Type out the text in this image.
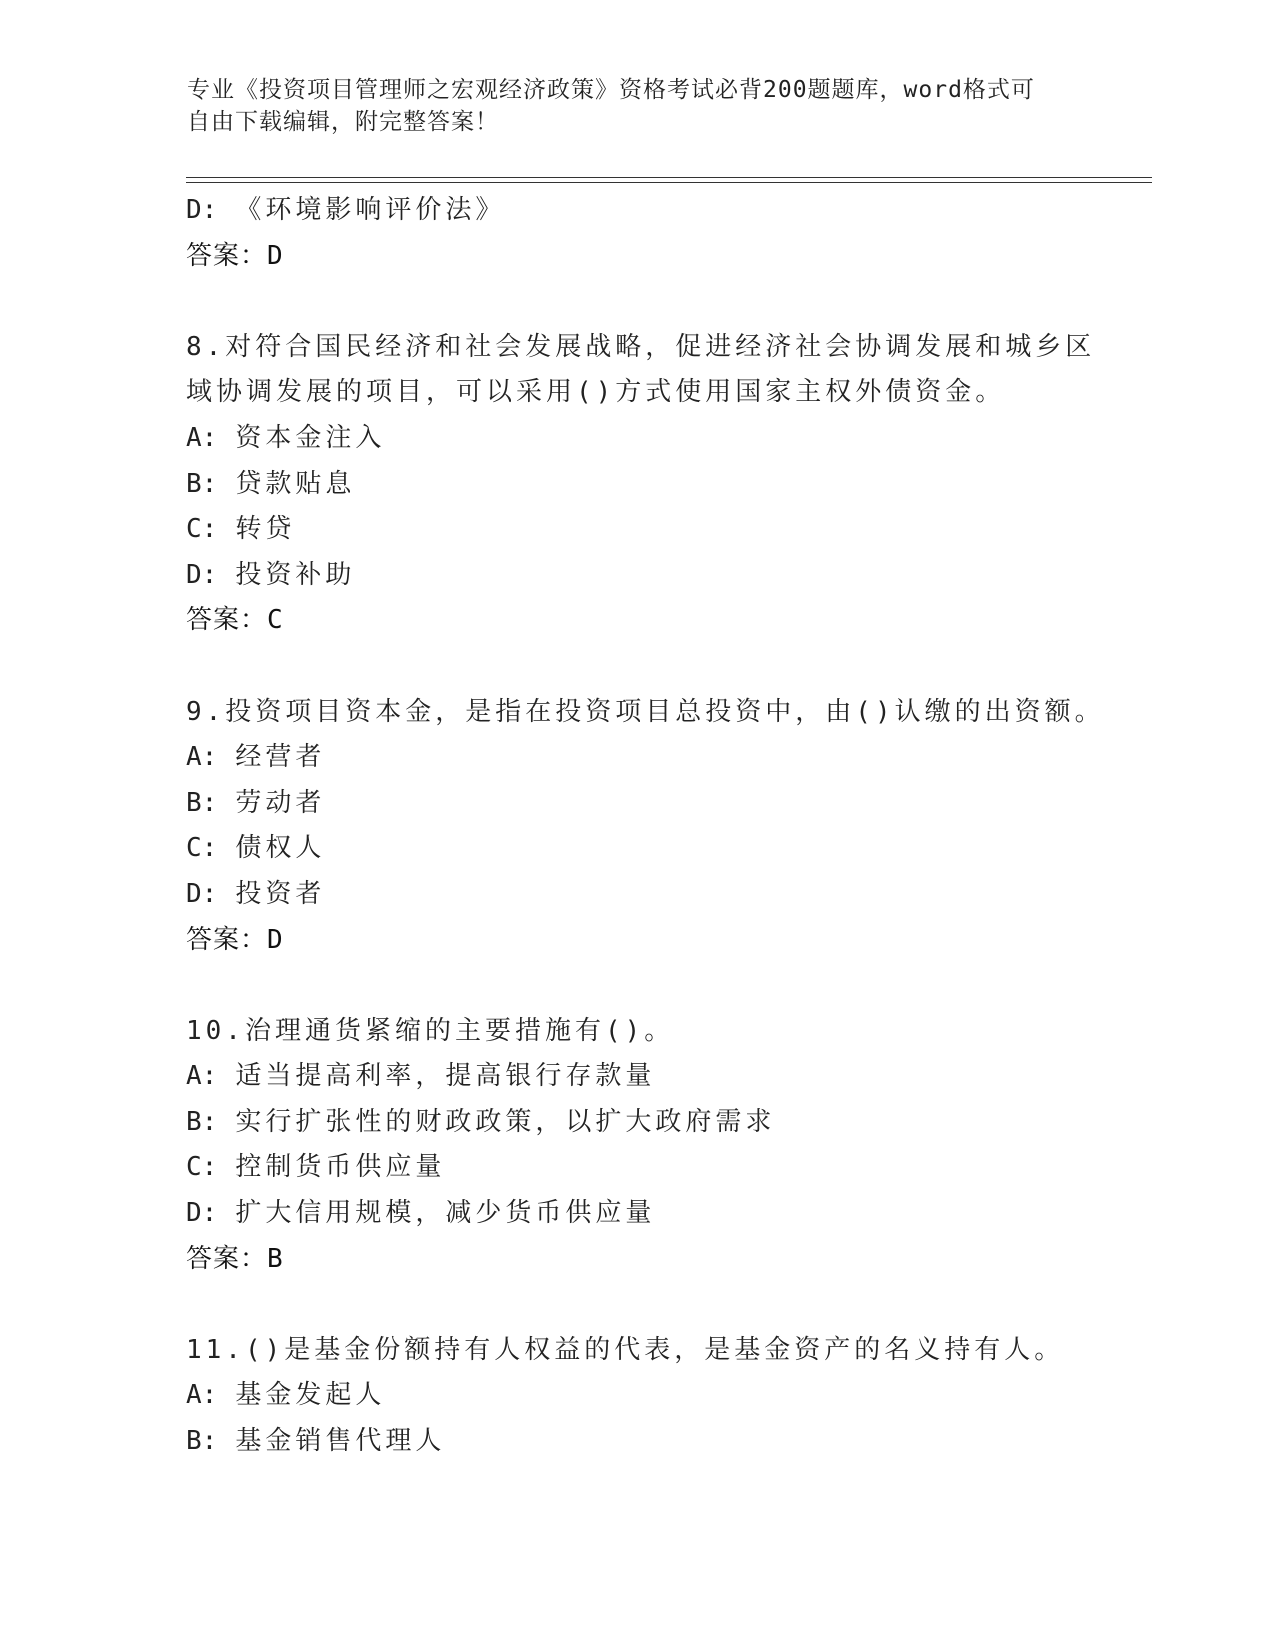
专业《投资项目管理师之宏观经济政策》资格考试必背200题题库，word格式可
自由下载编辑，附完整答案！
D: 《环境影响评价法》
答案：D
8.对符合国民经济和社会发展战略，促进经济社会协调发展和城乡区
域协调发展的项目，可以采用()方式使用国家主权外债资金。
A: 资本金注入
B: 贷款贴息
C: 转贷
D: 投资补助
答案：C
9.投资项目资本金，是指在投资项目总投资中，由()认缴的出资额。
A: 经营者
B: 劳动者
C: 债权人
D: 投资者
答案：D
10.治理通货紧缩的主要措施有()。
A: 适当提高利率，提高银行存款量
B: 实行扩张性的财政政策，以扩大政府需求
C: 控制货币供应量
D: 扩大信用规模，减少货币供应量
答案：B
11.()是基金份额持有人权益的代表，是基金资产的名义持有人。
A: 基金发起人
B: 基金销售代理人
